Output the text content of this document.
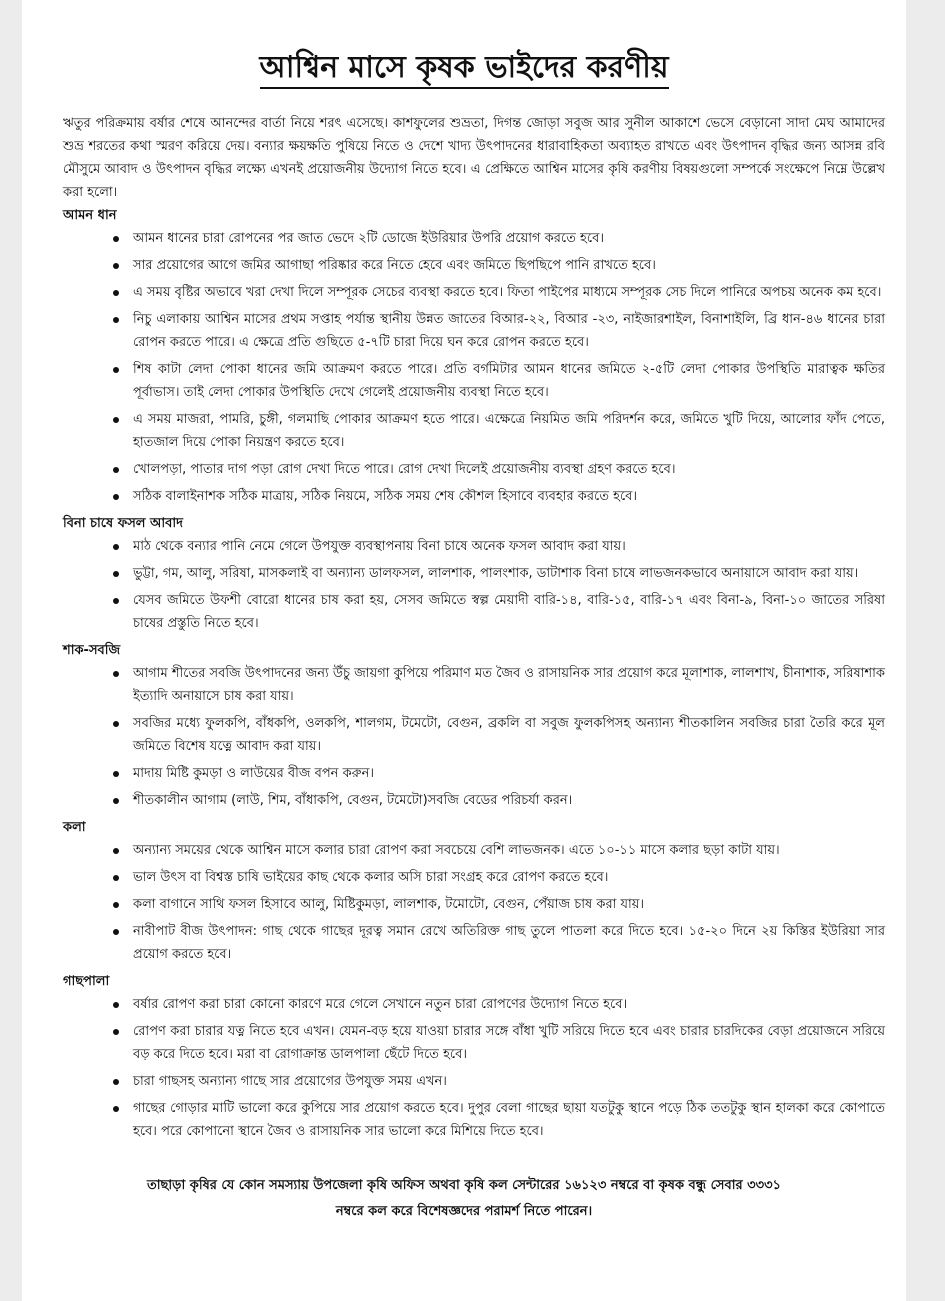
আশ্বিন মাসে কৃষক ভাইদের করণীয়

ঋতুর পরিক্রমায় বর্ষার শেষে আনন্দের বার্তা নিয়ে শরৎ এসেছে। কাশফুলের শুভ্রতা, দিগন্ত জোড়া সবুজ আর সুনীল আকাশে ভেসে বেড়ানো সাদা মেঘ আমাদের শুভ্র শরতের কথা স্মরণ করিয়ে দেয়। বন্যার ক্ষয়ক্ষতি পুষিয়ে নিতে ও দেশে খাদ্য উৎপাদনের ধারাবাহিকতা অব্যাহত রাখতে এবং উৎপাদন বৃদ্ধির জন্য আসন্ন রবি মৌসুমে আবাদ ও উৎপাদন বৃদ্ধির লক্ষ্যে এখনই প্রয়োজনীয় উদ্যোগ নিতে হবে। এ প্রেক্ষিতে আশ্বিন মাসের কৃষি করণীয় বিষয়গুলো সম্পর্কে সংক্ষেপে নিম্নে উল্লেখ করা হলো।

আমন ধান

আমন ধানের চারা রোপনের পর জাত ভেদে ২টি ডোজে ইউরিয়ার উপরি প্রয়োগ করতে হবে।
সার প্রয়োগের আগে জমির আগাছা পরিষ্কার করে নিতে হেবে এবং জমিতে ছিপছিপে পানি রাখতে হবে।
এ সময় বৃষ্টির অভাবে খরা দেখা দিলে সম্পূরক সেচের ব্যবস্থা করতে হবে। ফিতা পাইপের মাধ্যমে সম্পূরক সেচ দিলে পানিরে অপচয় অনেক কম হবে।
নিচু এলাকায় আশ্বিন মাসের প্রথম সপ্তাহ পর্যান্ত স্থানীয় উন্নত জাতের বিআর-২২, বিআর -২৩, নাইজারশাইল, বিনাশাইলি, ব্রি ধান-৪৬ ধানের চারা রোপন করতে পারে। এ ক্ষেত্রে প্রতি গুছিতে ৫-৭টি চারা দিয়ে ঘন করে রোপন করতে হবে।
শিষ কাটা লেদা পোকা ধানের জমি আক্রমণ করতে পারে। প্রতি বর্গমিটার আমন ধানের জমিতে ২-৫টি লেদা পোকার উপস্থিতি মারাত্বক ক্ষতির পূর্বাভাস। তাই লেদা পোকার উপস্থিতি দেখে গেলেই প্রয়োজনীয় ব্যবস্থা নিতে হবে।
এ সময় মাজরা, পামরি, চুঙ্গী, গলমাছি পোকার আক্রমণ হতে পারে। এক্ষেত্রে নিয়মিত জমি পরিদর্শন করে, জমিতে খুটি দিয়ে, আলোর ফাঁদ পেতে, হাতজাল দিয়ে পোকা নিয়ন্ত্রণ করতে হবে।
খোলপড়া, পাতার দাগ পড়া রোগ দেখা দিতে পারে। রোগ দেখা দিলেই প্রয়োজনীয় ব্যবস্থা গ্রহণ করতে হবে।
সঠিক বালাইনাশক সঠিক মাত্রায়, সঠিক নিয়মে, সঠিক সময় শেষ কৌশল হিসাবে ব্যবহার করতে হবে।

বিনা চাষে ফসল আবাদ

মাঠ থেকে বন্যার পানি নেমে গেলে উপযুক্ত ব্যবস্থাপনায় বিনা চাষে অনেক ফসল আবাদ করা যায়।
ভুট্টা, গম, আলু, সরিষা, মাসকলাই বা অন্যান্য ডালফসল, লালশাক, পালংশাক, ডাটাশাক বিনা চাষে লাভজনকভাবে অনায়াসে আবাদ করা যায়।
যেসব জমিতে উফশী বোরো ধানের চাষ করা হয়, সেসব জমিতে স্বল্প মেয়াদী বারি-১৪, বারি-১৫, বারি-১৭ এবং বিনা-৯, বিনা-১০ জাতের সরিষা চাষের প্রস্তুতি নিতে হবে।

শাক-সবজি

আগাম শীতের সবজি উৎপাদনের জন্য উঁচু জায়গা কুপিয়ে পরিমাণ মত জৈব ও রাসায়নিক সার প্রয়োগ করে মূলাশাক, লালশাখ, চীনাশাক, সরিষাশাক ইত্যাদি অনায়াসে চাষ করা যায়।
সবজির মধ্যে ফুলকপি, বাঁধকপি, ওলকপি, শালগম, টমেটো, বেগুন, ব্রকলি বা সবুজ ফুলকপিসহ অন্যান্য শীতকালিন সবজির চারা তৈরি করে মূল জমিতে বিশেষ যত্নে আবাদ করা যায়।
মাদায় মিষ্টি কুমড়া ও লাউয়ের বীজ বপন করুন।
শীতকালীন আগাম (লাউ, শিম, বাঁধাকপি, বেগুন, টমেটো)সবজি বেডের পরিচর্যা করন।

কলা

অন্যান্য সময়ের থেকে আশ্বিন মাসে কলার চারা রোপণ করা সবচেয়ে বেশি লাভজনক। এতে ১০-১১ মাসে কলার ছড়া কাটা যায়।
ভাল উৎস বা বিশ্বস্ত চাষি ভাইয়ের কাছ থেকে কলার অসি চারা সংগ্রহ করে রোপণ করতে হবে।
কলা বাগানে সাথি ফসল হিসাবে আলু, মিষ্টিকুমড়া, লালশাক, টমোটো, বেগুন, পেঁয়াজ চাষ করা যায়।
নাবীপাট বীজ উৎপাদন: গাছ থেকে গাছের দূরত্ব সমান রেখে অতিরিক্ত গাছ তুলে পাতলা করে দিতে হবে। ১৫-২০ দিনে ২য় কিস্তির ইউরিয়া সার প্রয়োগ করতে হবে।

গাছপালা

বর্ষার রোপণ করা চারা কোনো কারণে মরে গেলে সেখানে নতুন চারা রোপণের উদ্যোগ নিতে হবে।
রোপণ করা চারার যত্ন নিতে হবে এখন। যেমন-বড় হয়ে যাওয়া চারার সঙ্গে বাঁধা খুটি সরিয়ে দিতে হবে এবং চারার চারদিকের বেড়া প্রয়োজনে সরিয়ে বড় করে দিতে হবে। মরা বা রোগাক্রান্ত ডালপালা ছেঁটে দিতে হবে।
চারা গাছসহ অন্যান্য গাছে সার প্রয়োগের উপযুক্ত সময় এখন।
গাছের গোড়ার মাটি ভালো করে কুপিয়ে সার প্রয়োগ করতে হবে। দুপুর বেলা গাছের ছায়া যতটুকু স্থানে পড়ে ঠিক ততটুকু স্থান হালকা করে কোপাতে হবে। পরে কোপানো স্থানে জৈব ও রাসায়নিক সার ভালো করে মিশিয়ে দিতে হবে।
তাছাড়া কৃষির যে কোন সমস্যায় উপজেলা কৃষি অফিস অথবা কৃষি কল সেন্টারের ১৬১২৩ নম্বরে বা কৃষক বন্ধু সেবার ৩৩৩১
নম্বরে কল করে বিশেষজ্ঞদের পরামর্শ নিতে পারেন।
